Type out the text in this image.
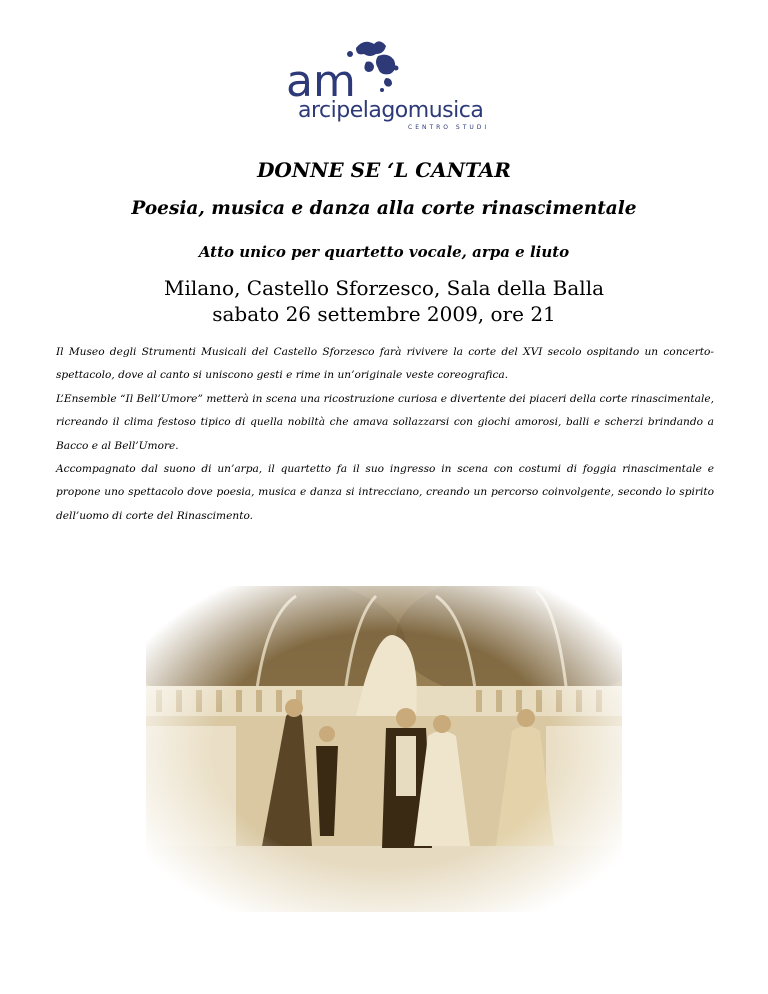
am
arcipelagomusica
CENTRO STUDI
DONNE SE ‘L CANTAR
Poesia, musica e danza alla corte rinascimentale
Atto unico per quartetto vocale, arpa e liuto
Milano, Castello Sforzesco, Sala della Balla
sabato 26 settembre 2009, ore 21

Il Museo degli Strumenti Musicali del Castello Sforzesco farà rivivere la corte del XVI secolo ospitando un concerto-spettacolo, dove al canto si uniscono gesti e rime in un’originale veste coreografica.

L’Ensemble “Il Bell’Umore” metterà in scena una ricostruzione curiosa e divertente dei piaceri della corte rinascimentale, ricreando il clima festoso tipico di quella nobiltà che amava sollazzarsi con giochi amorosi, balli e scherzi brindando a Bacco e al Bell’Umore.

Accompagnato dal suono di un’arpa, il quartetto fa il suo ingresso in scena con costumi di foggia rinascimentale e propone uno spettacolo dove poesia, musica e danza si intrecciano, creando un percorso coinvolgente, secondo lo spirito dell’uomo di corte del Rinascimento.
